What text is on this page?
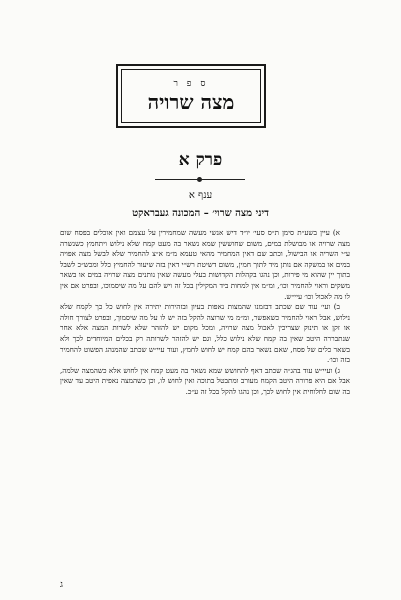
ס פ ר
מצה שרויה
פרק א
ענף א
דיני מצה שרוי׳ – המכונה געבראקט

א) עיין בשע״ת סימן ת״ס סעי׳ יו״ד דיש אנשי מעשה שמחמירין על עצמם ואין אוכלים בפסח שום מצה שרויה או מבושלת במים, משום שחוששין שמא נשאר בה מעט קמח שלא נילוש ויתחמץ כשנשרה ע״י השריה או הבישול, וכתב שם דאין המחמיר מהאי טעמא מ״מ א״צ להחמיר שלא לבשל מצה אפויה במים או במשקה אם נותן מיד לתוך חמין, משום דשיטת רש״י דאין בזה שיעור להחמיץ כלל ומכש״כ לשבל בתוך יין שהוא מי פירות, וכן נהגו בקהלות הקדושות בעלי מעשה שאין נותנים מצה שרויה במים או בשאר משקים וראוי להחמיר וכו׳, ומ״מ אין למחות ביד המקילין בכל זה ויש להם על מה שיסמוכו, ובפרט אם אין לו מה לאכול וכו׳ עיי״ש.

ב) ועי׳ עוד שם שכתב דבזמנו שהמצות נאפות בעיון ובזהירות יתירה אין לחוש כל כך לקמח שלא נילוש, אבל ראוי להחמיר כשאפשר, ומ״מ מי שרוצה להקל בזה יש לו על מה שיסמוך, ובפרט לצורך חולה או זקן או תינוק שצריכין לאכול מצה שרויה, ומכל מקום יש להזהר שלא לשרות המצה אלא אחר שנתבררה היטב שאין בה קמח שלא נילוש כלל, וגם יש להזהר לשרותה רק בכלים המיוחדים לכך ולא בשאר כלים של פסח, שאם נשאר בהם קמח יש לחוש לחמץ, ועוד עיי״ש שכתב שהמנהג הפשוט להחמיר בזה וכו׳.

ג) ועיי״ש עוד בהג״ה שכתב דאף להחושש שמא נשאר בה מעט קמח אין לחוש אלא כשהמצה שלמה, אבל אם היא פרורה היטב הקמח מעורב ומתבטל בתוכה ואין לחוש לו, וכן כשהמצה נאפית היטב עד שאין בה שום לחלוחית אין לחוש לכך, וכן נהגו להקל בכל זה ע״כ.

ג
